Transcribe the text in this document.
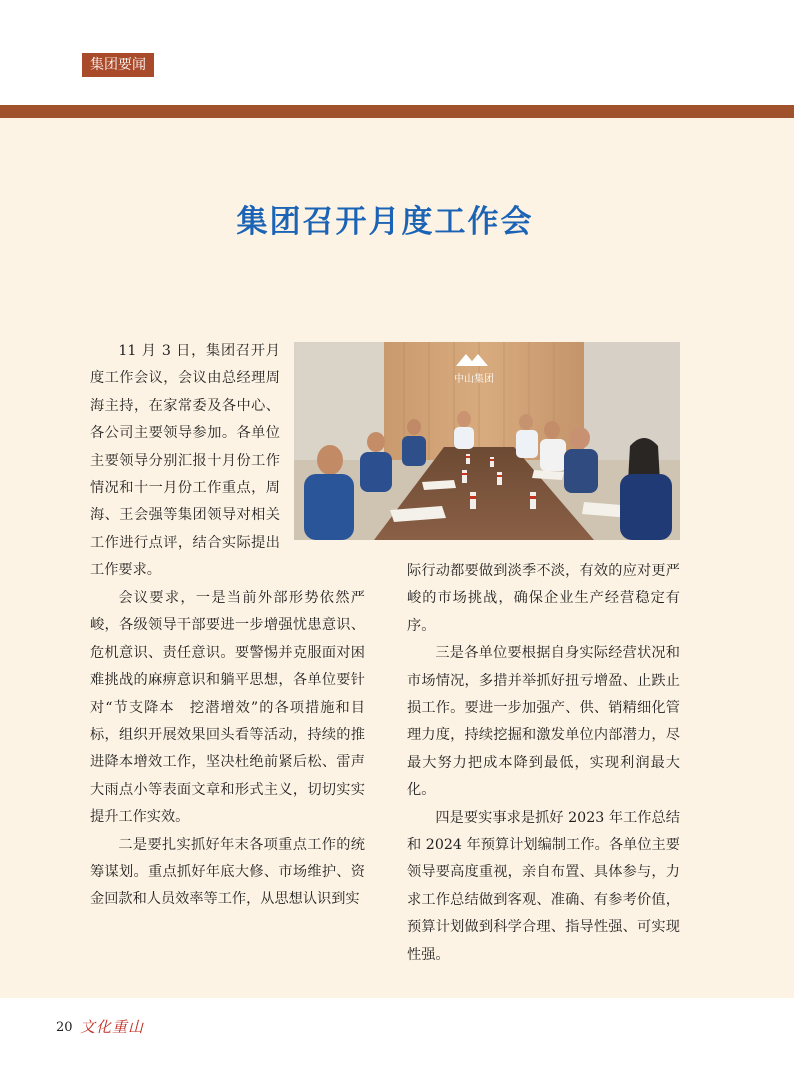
集团要闻
集团召开月度工作会

11 月 3 日，集团召开月度工作会议，会议由总经理周海主持，在家常委及各中心、各公司主要领导参加。各单位主要领导分别汇报十月份工作情况和十一月份工作重点，周海、王会强等集团领导对相关工作进行点评，结合实际提出工作要求。

中山集团

会议要求，一是当前外部形势依然严峻，各级领导干部要进一步增强忧患意识、危机意识、责任意识。要警惕并克服面对困难挑战的麻痹意识和躺平思想，各单位要针对“节支降本　挖潜增效”的各项措施和目标，组织开展效果回头看等活动，持续的推进降本增效工作，坚决杜绝前紧后松、雷声大雨点小等表面文章和形式主义，切切实实提升工作实效。

二是要扎实抓好年末各项重点工作的统筹谋划。重点抓好年底大修、市场维护、资金回款和人员效率等工作，从思想认识到实

际行动都要做到淡季不淡，有效的应对更严峻的市场挑战，确保企业生产经营稳定有序。

三是各单位要根据自身实际经营状况和市场情况，多措并举抓好扭亏增盈、止跌止损工作。要进一步加强产、供、销精细化管理力度，持续挖掘和激发单位内部潜力，尽最大努力把成本降到最低，实现利润最大化。

四是要实事求是抓好 2023 年工作总结和 2024 年预算计划编制工作。各单位主要领导要高度重视，亲自布置、具体参与，力求工作总结做到客观、准确、有参考价值，预算计划做到科学合理、指导性强、可实现性强。

20 文化重山
